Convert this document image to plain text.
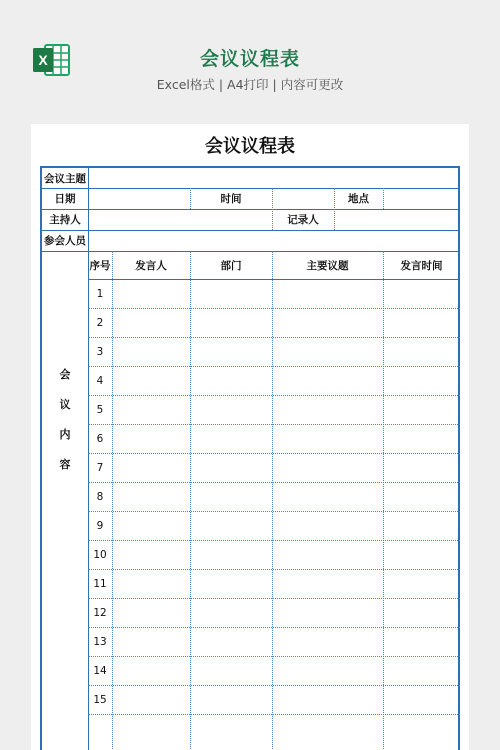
X	会议议程表
Excel格式 | A4打印 | 内容可更改
会议议程表
会议主题
日期	时间	地点
主持人	记录人
参会人员
序号	发言人	部门	主要议题	发言时间
会
议
内
容
1
2
3
4
5
6
7
8
9
10
11
12
13
14
15
